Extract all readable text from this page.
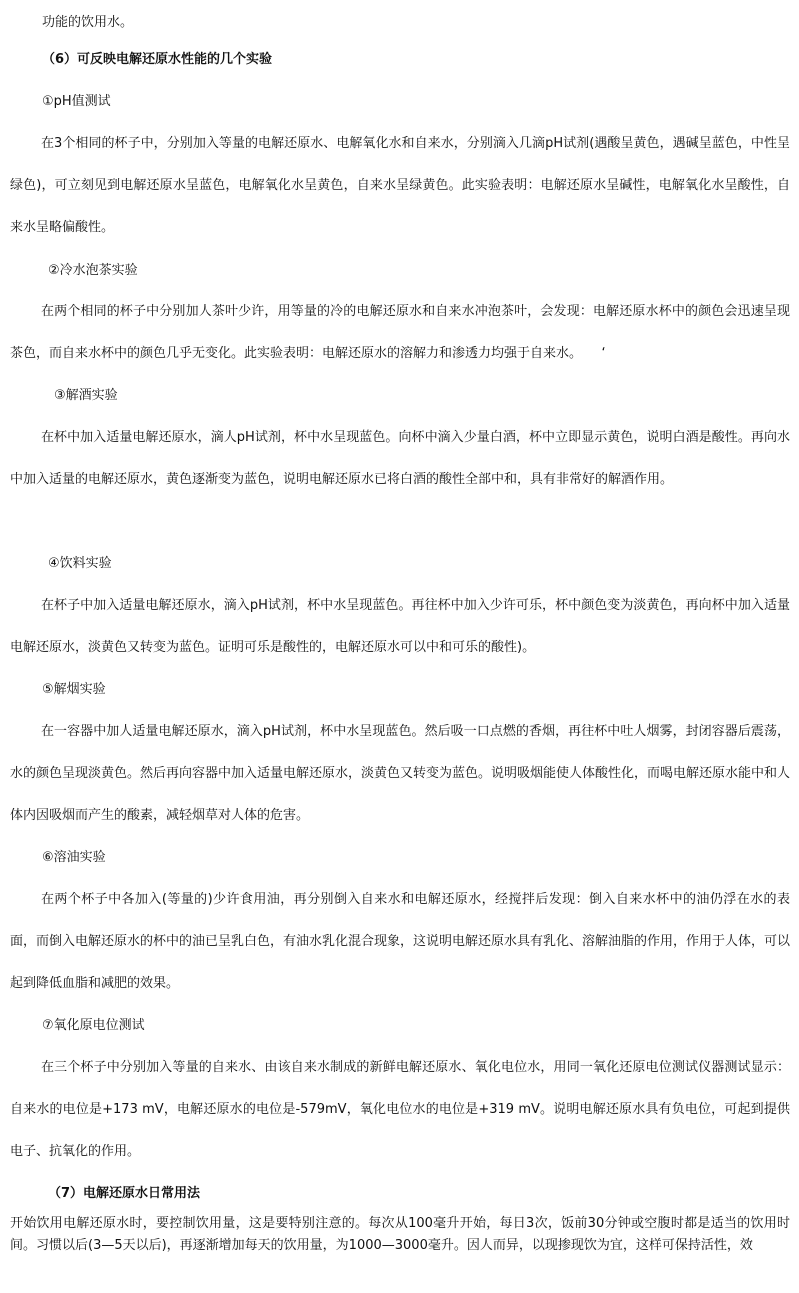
功能的饮用水。
（6）可反映电解还原水性能的几个实验
①pH值测试
在3个相同的杯子中，分别加入等量的电解还原水、电解氧化水和自来水，分别滴入几滴pH试剂(遇酸呈黄色，遇碱呈蓝色，中性呈绿色)，可立刻见到电解还原水呈蓝色，电解氧化水呈黄色，自来水呈绿黄色。此实验表明：电解还原水呈碱性，电解氧化水呈酸性，自来水呈略偏酸性。
②冷水泡茶实验
在两个相同的杯子中分别加人茶叶少许，用等量的冷的电解还原水和自来水冲泡茶叶，会发现：电解还原水杯中的颜色会迅速呈现茶色，而自来水杯中的颜色几乎无变化。此实验表明：电解还原水的溶解力和渗透力均强于自来水。　　‘
③解酒实验
在杯中加入适量电解还原水，滴人pH试剂，杯中水呈现蓝色。向杯中滴入少量白酒，杯中立即显示黄色，说明白酒是酸性。再向水中加入适量的电解还原水，黄色逐渐变为蓝色，说明电解还原水已将白酒的酸性全部中和，具有非常好的解酒作用。
④饮料实验
在杯子中加入适量电解还原水，滴入pH试剂，杯中水呈现蓝色。再往杯中加入少许可乐，杯中颜色变为淡黄色，再向杯中加入适量电解还原水，淡黄色又转变为蓝色。证明可乐是酸性的，电解还原水可以中和可乐的酸性)。
⑤解烟实验
在一容器中加人适量电解还原水，滴入pH试剂，杯中水呈现蓝色。然后吸一口点燃的香烟，再往杯中吐人烟雾，封闭容器后震荡，水的颜色呈现淡黄色。然后再向容器中加入适量电解还原水，淡黄色又转变为蓝色。说明吸烟能使人体酸性化，而喝电解还原水能中和人体内因吸烟而产生的酸素，减轻烟草对人体的危害。
⑥溶油实验
在两个杯子中各加入(等量的)少许食用油，再分别倒入自来水和电解还原水，经搅拌后发现：倒入自来水杯中的油仍浮在水的表面，而倒入电解还原水的杯中的油已呈乳白色，有油水乳化混合现象，这说明电解还原水具有乳化、溶解油脂的作用，作用于人体，可以起到降低血脂和减肥的效果。
⑦氧化原电位测试
在三个杯子中分别加入等量的自来水、由该自来水制成的新鲜电解还原水、氧化电位水，用同一氧化还原电位测试仪器测试显示：自来水的电位是+173 mV，电解还原水的电位是-579mV，氧化电位水的电位是+319 mV。说明电解还原水具有负电位，可起到提供电子、抗氧化的作用。
（7）电解还原水日常用法
开始饮用电解还原水时，要控制饮用量，这是要特别注意的。每次从100毫升开始，每日3次，饭前30分钟或空腹时都是适当的饮用时间。习惯以后(3—5天以后)，再逐渐增加每天的饮用量，为1000—3000毫升。因人而异，以现掺现饮为宜，这样可保持活性，效
